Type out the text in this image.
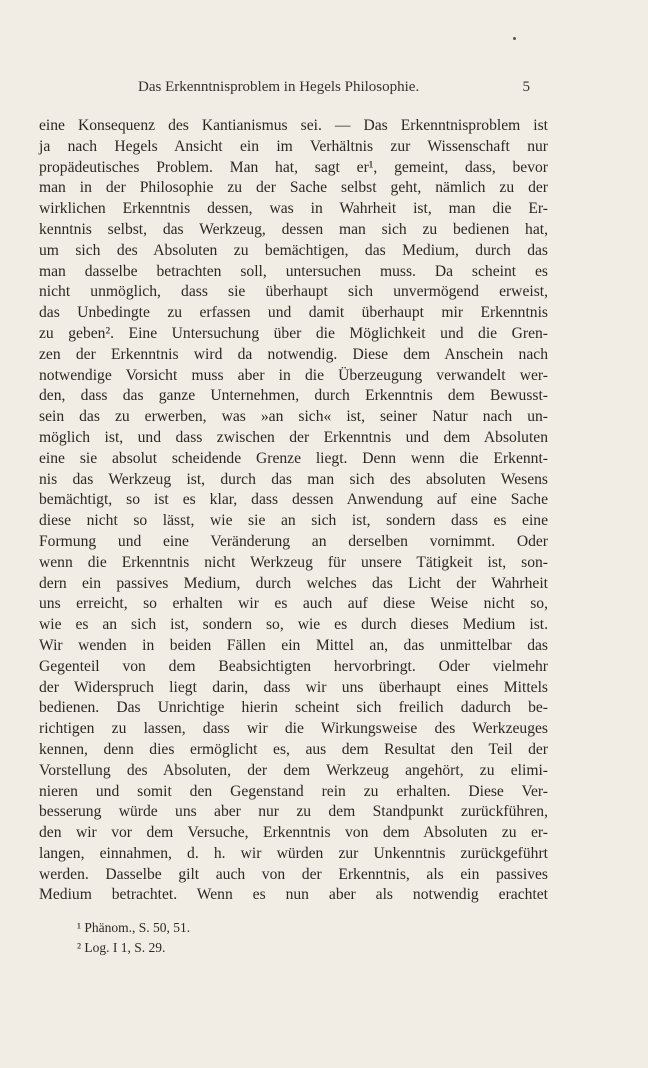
Das Erkenntnisproblem in Hegels Philosophie.	5
eine Konsequenz des Kantianismus sei. — Das Erkenntnisproblem ist
ja nach Hegels Ansicht ein im Verhältnis zur Wissenschaft nur
propädeutisches Problem. Man hat, sagt er¹, gemeint, dass, bevor
man in der Philosophie zu der Sache selbst geht, nämlich zu der
wirklichen Erkenntnis dessen, was in Wahrheit ist, man die Er-
kenntnis selbst, das Werkzeug, dessen man sich zu bedienen hat,
um sich des Absoluten zu bemächtigen, das Medium, durch das
man dasselbe betrachten soll, untersuchen muss. Da scheint es
nicht unmöglich, dass sie überhaupt sich unvermögend erweist,
das Unbedingte zu erfassen und damit überhaupt mir Erkenntnis
zu geben². Eine Untersuchung über die Möglichkeit und die Gren-
zen der Erkenntnis wird da notwendig. Diese dem Anschein nach
notwendige Vorsicht muss aber in die Überzeugung verwandelt wer-
den, dass das ganze Unternehmen, durch Erkenntnis dem Bewusst-
sein das zu erwerben, was »an sich« ist, seiner Natur nach un-
möglich ist, und dass zwischen der Erkenntnis und dem Absoluten
eine sie absolut scheidende Grenze liegt. Denn wenn die Erkennt-
nis das Werkzeug ist, durch das man sich des absoluten Wesens
bemächtigt, so ist es klar, dass dessen Anwendung auf eine Sache
diese nicht so lässt, wie sie an sich ist, sondern dass es eine
Formung und eine Veränderung an derselben vornimmt. Oder
wenn die Erkenntnis nicht Werkzeug für unsere Tätigkeit ist, son-
dern ein passives Medium, durch welches das Licht der Wahrheit
uns erreicht, so erhalten wir es auch auf diese Weise nicht so,
wie es an sich ist, sondern so, wie es durch dieses Medium ist.
Wir wenden in beiden Fällen ein Mittel an, das unmittelbar das
Gegenteil von dem Beabsichtigten hervorbringt. Oder vielmehr
der Widerspruch liegt darin, dass wir uns überhaupt eines Mittels
bedienen. Das Unrichtige hierin scheint sich freilich dadurch be-
richtigen zu lassen, dass wir die Wirkungsweise des Werkzeuges
kennen, denn dies ermöglicht es, aus dem Resultat den Teil der
Vorstellung des Absoluten, der dem Werkzeug angehört, zu elimi-
nieren und somit den Gegenstand rein zu erhalten. Diese Ver-
besserung würde uns aber nur zu dem Standpunkt zurückführen,
den wir vor dem Versuche, Erkenntnis von dem Absoluten zu er-
langen, einnahmen, d. h. wir würden zur Unkenntnis zurückgeführt
werden. Dasselbe gilt auch von der Erkenntnis, als ein passives
Medium betrachtet. Wenn es nun aber als notwendig erachtet
¹ Phänom., S. 50, 51.
² Log. I 1, S. 29.
